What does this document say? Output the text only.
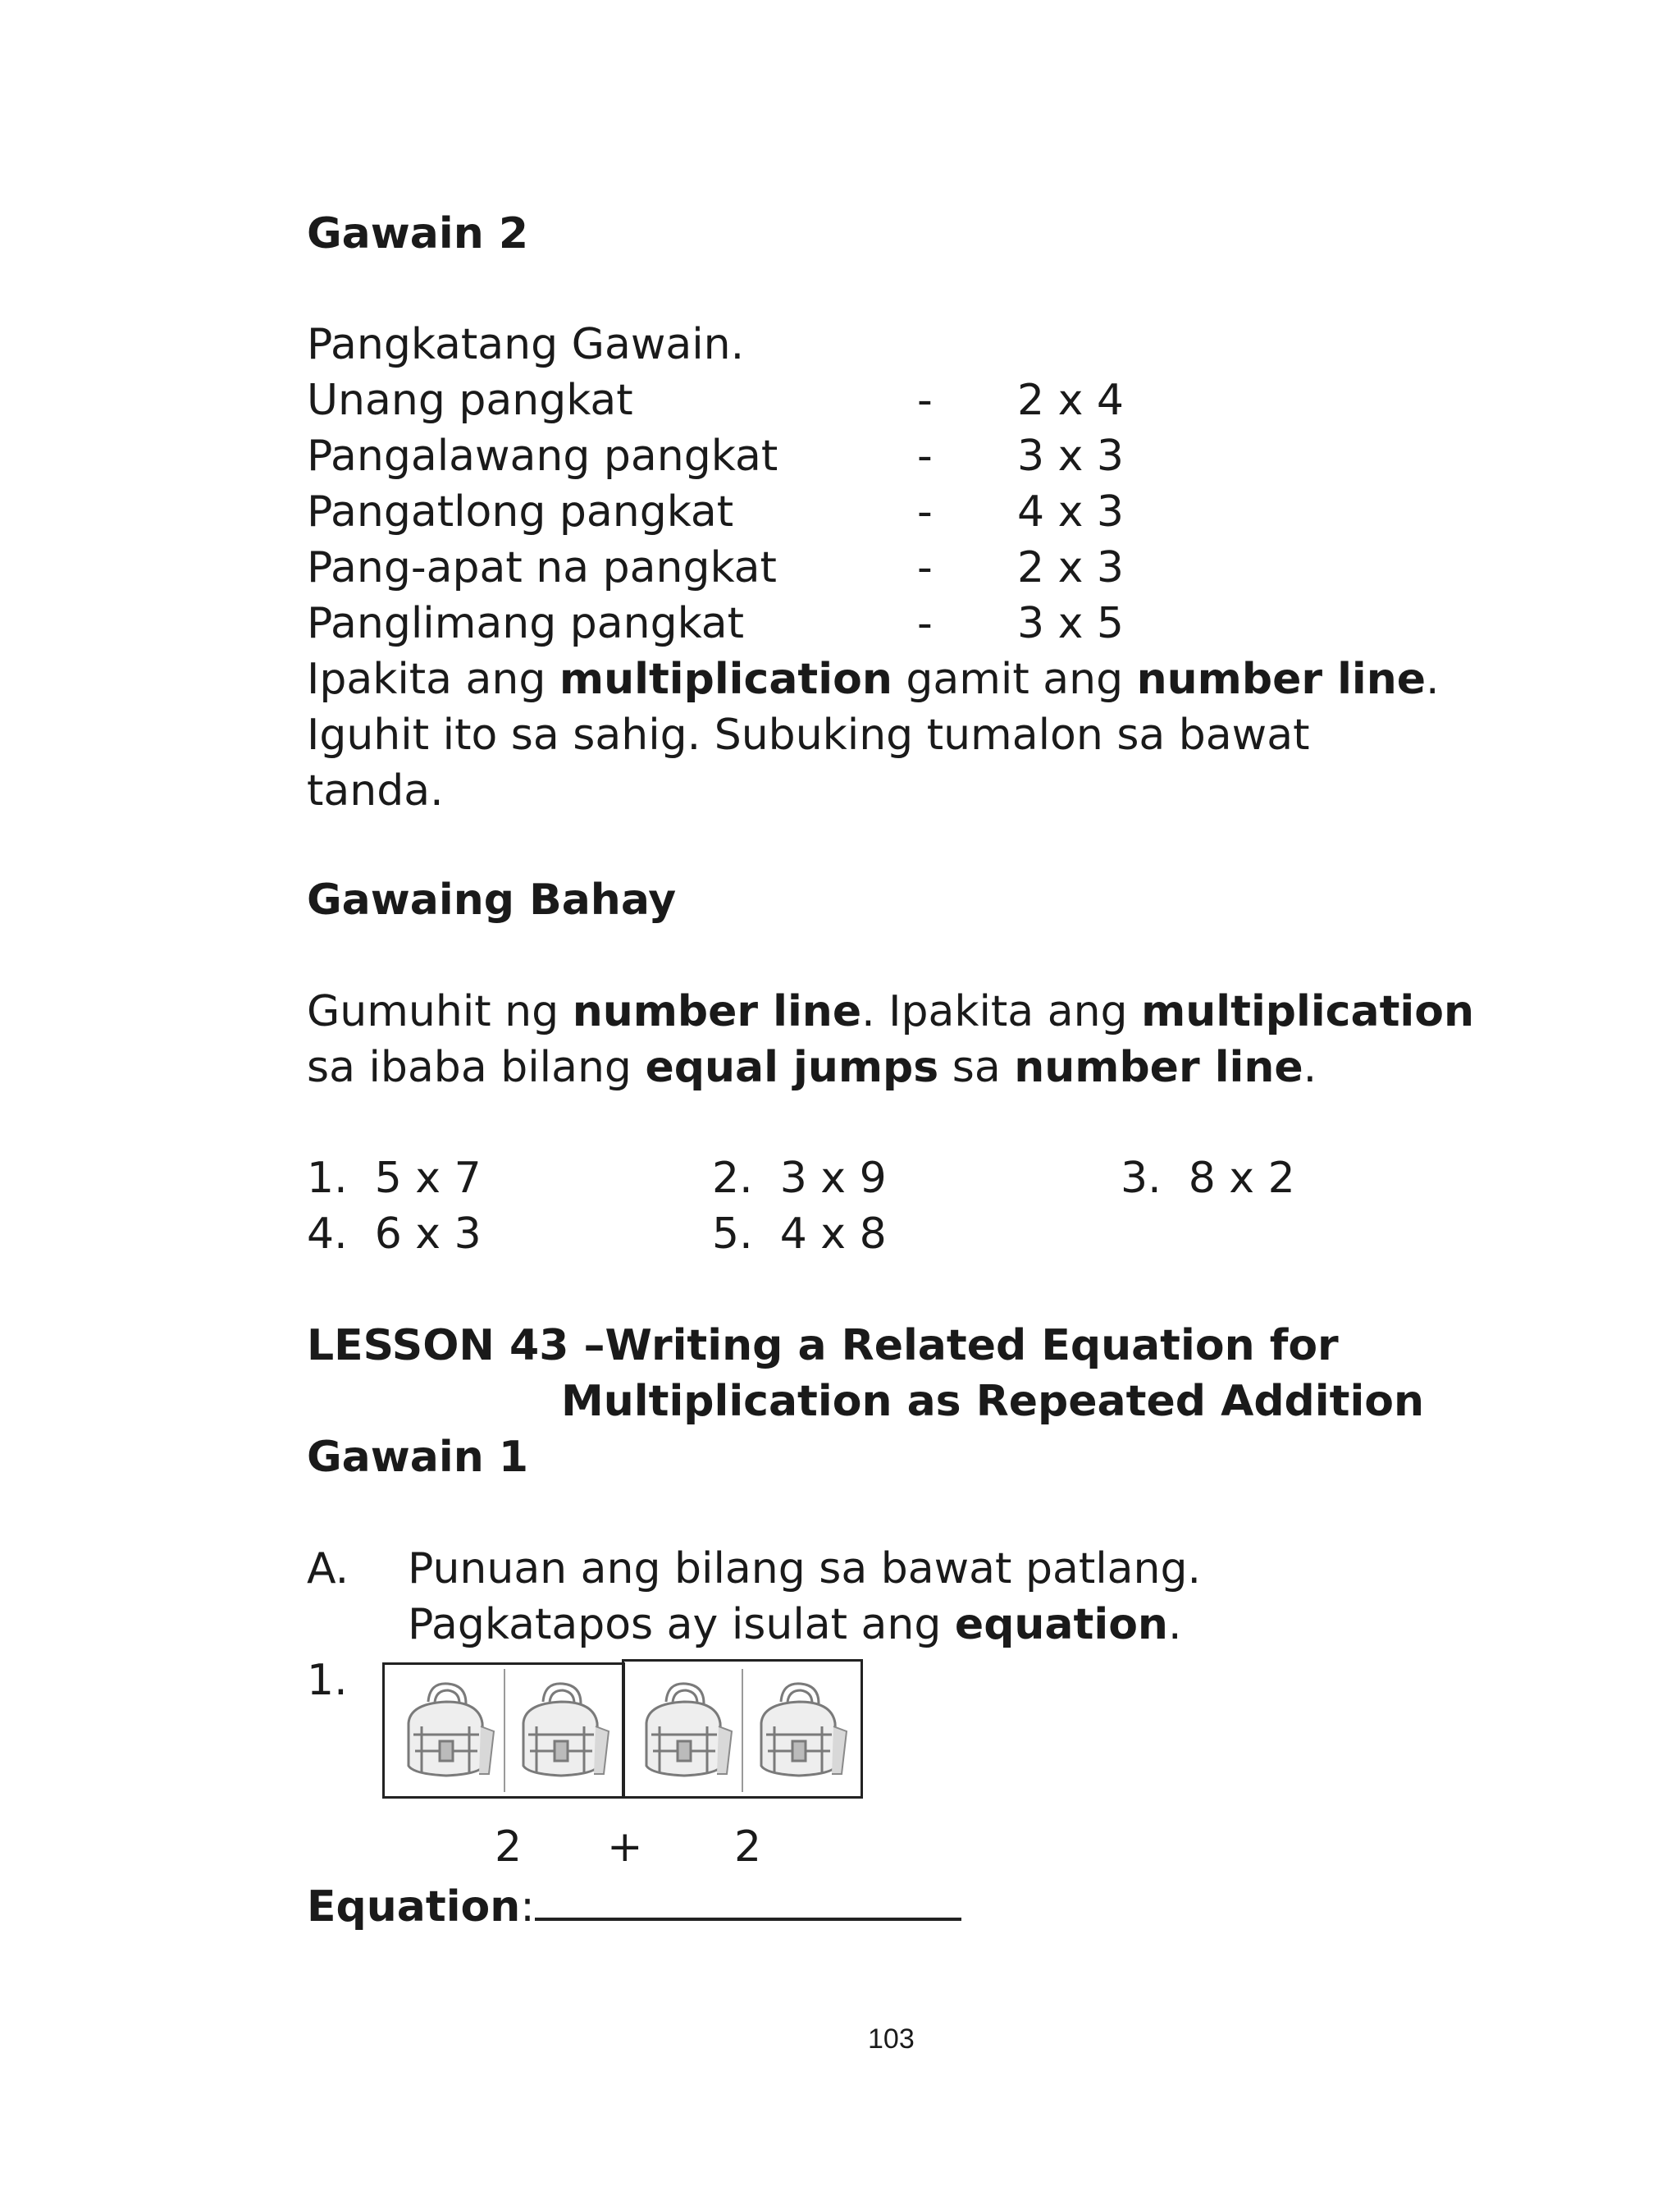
Gawain 2
Pangkatang Gawain.
Unang pangkat	- 2 x 4
Pangalawang pangkat	- 3 x 3
Pangatlong pangkat	- 4 x 3
Pang-apat na pangkat	- 2 x 3
Panglimang pangkat	- 3 x 5
Ipakita ang multiplication gamit ang number line.
Iguhit ito sa sahig. Subuking tumalon sa bawat
tanda.
Gawaing Bahay
Gumuhit ng number line. Ipakita ang multiplication
sa ibaba bilang equal jumps sa number line.
1. 5 x 7	2. 3 x 9	3. 8 x 2
4. 6 x 3	5. 4 x 8
LESSON 43 –Writing a Related Equation for
Multiplication as Repeated Addition
Gawain 1
A. Punuan ang bilang sa bawat patlang.
Pagkatapos ay isulat ang equation.
1.
2 + 2
Equation:
103
